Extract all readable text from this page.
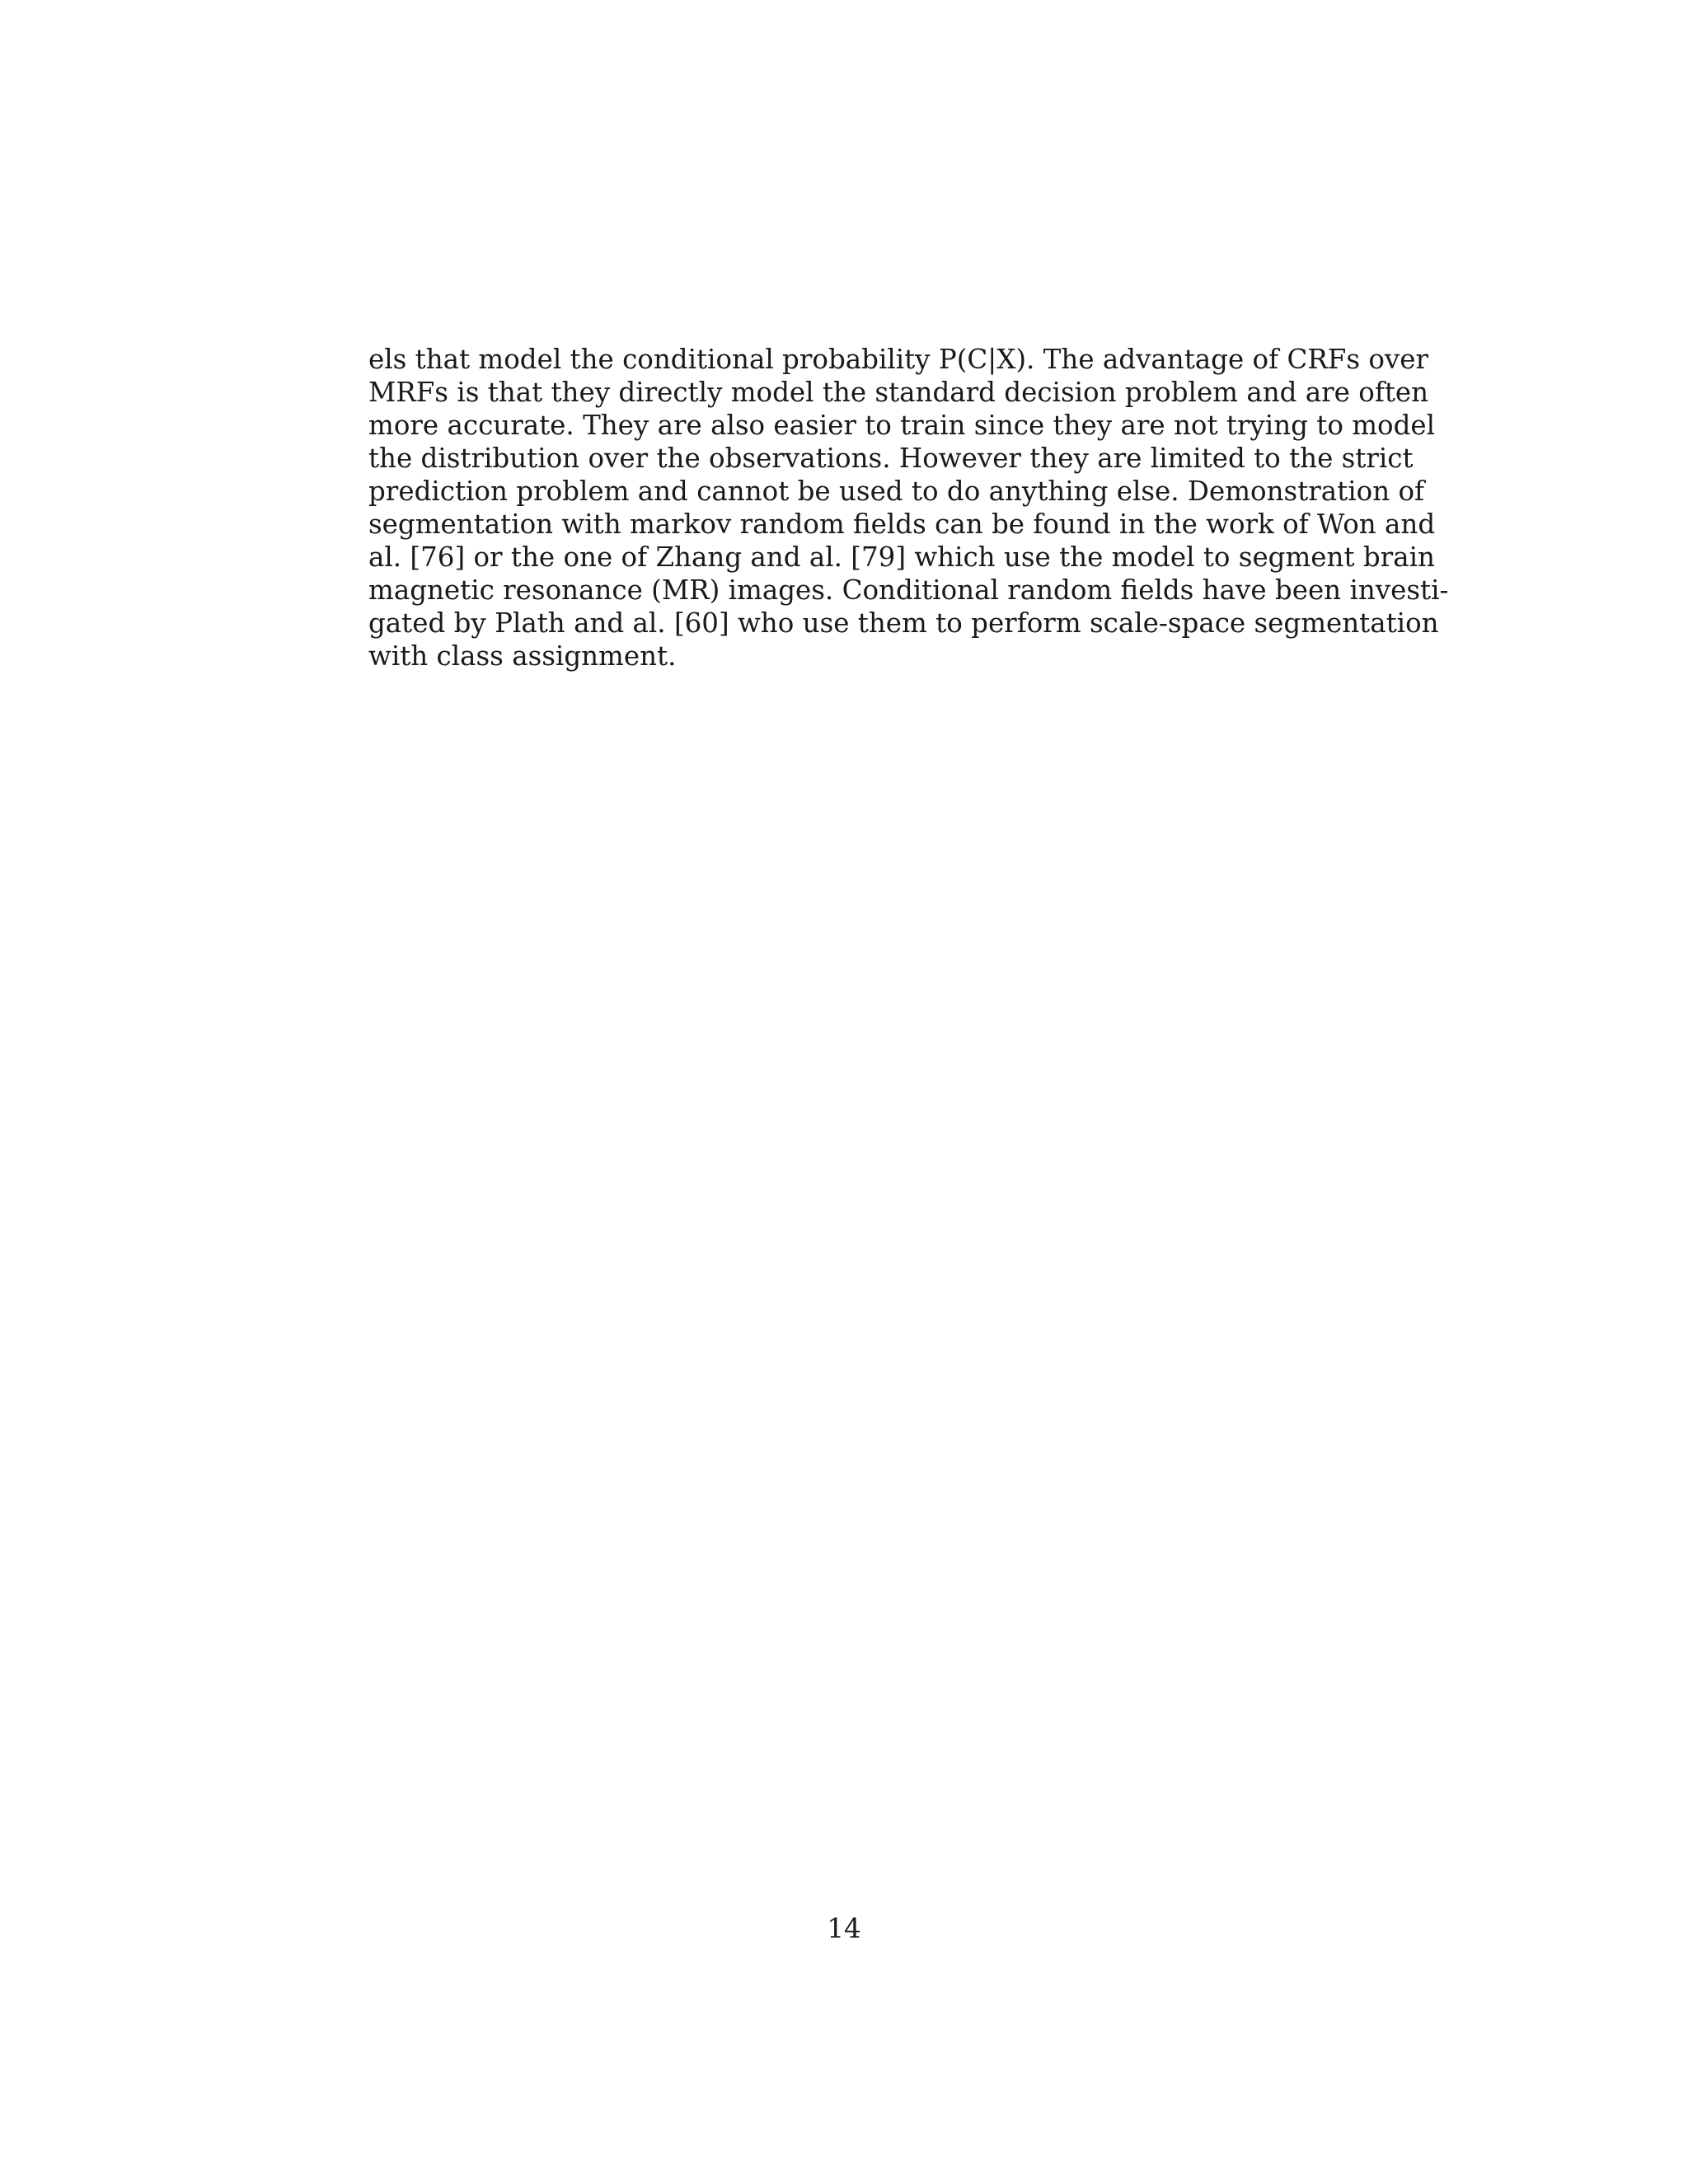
els that model the conditional probability P(C|X). The advantage of CRFs over
MRFs is that they directly model the standard decision problem and are often
more accurate. They are also easier to train since they are not trying to model
the distribution over the observations. However they are limited to the strict
prediction problem and cannot be used to do anything else. Demonstration of
segmentation with markov random fields can be found in the work of Won and
al. [76] or the one of Zhang and al. [79] which use the model to segment brain
magnetic resonance (MR) images. Conditional random fields have been investi-
gated by Plath and al. [60] who use them to perform scale-space segmentation
with class assignment.
14
